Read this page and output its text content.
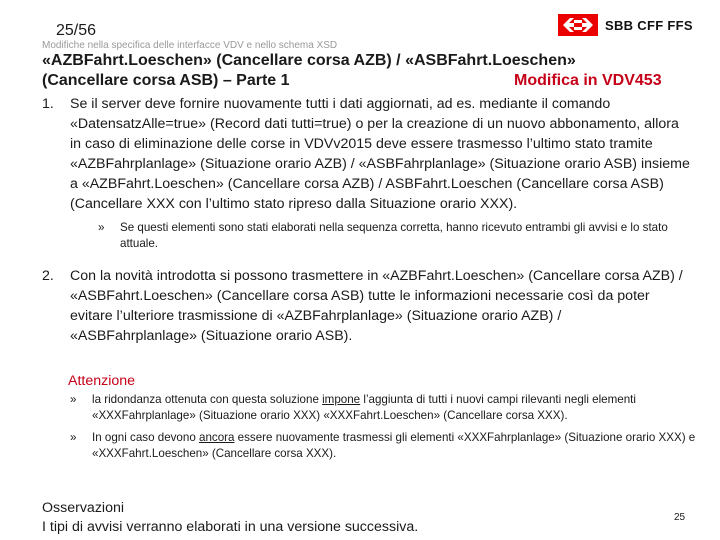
25/56
Modifiche nella specifica delle interfacce VDV e nello schema XSD
SBB CFF FFS
«AZBFahrt.Loeschen» (Cancellare corsa AZB) / «ASBFahrt.Loeschen»
(Cancellare corsa ASB) – Parte 1	Modifica in VDV453
1. Se il server deve fornire nuovamente tutti i dati aggiornati, ad es. mediante il comando «DatensatzAlle=true» (Record dati tutti=true) o per la creazione di un nuovo abbonamento, allora in caso di eliminazione delle corse in VDVv2015 deve essere trasmesso l’ultimo stato tramite «AZBFahrplanlage» (Situazione orario AZB) / «ASBFahrplanlage» (Situazione orario ASB) insieme a «AZBFahrt.Loeschen» (Cancellare corsa AZB) / ASBFahrt.Loeschen (Cancellare corsa ASB) (Cancellare XXX con l’ultimo stato ripreso dalla Situazione orario XXX).
» Se questi elementi sono stati elaborati nella sequenza corretta, hanno ricevuto entrambi gli avvisi e lo stato attuale.
2. Con la novità introdotta si possono trasmettere in «AZBFahrt.Loeschen» (Cancellare corsa AZB) / «ASBFahrt.Loeschen» (Cancellare corsa ASB) tutte le informazioni necessarie così da poter evitare l’ulteriore trasmissione di «AZBFahrplanlage» (Situazione orario AZB) / «ASBFahrplanlage» (Situazione orario ASB).
Attenzione
» la ridondanza ottenuta con questa soluzione impone l’aggiunta di tutti i nuovi campi rilevanti negli elementi «XXXFahrplanlage» (Situazione orario XXX) «XXXFahrt.Loeschen» (Cancellare corsa XXX).
» In ogni caso devono ancora essere nuovamente trasmessi gli elementi «XXXFahrplanlage» (Situazione orario XXX) e «XXXFahrt.Loeschen» (Cancellare corsa XXX).
Osservazioni
I tipi di avvisi verranno elaborati in una versione successiva.
25
